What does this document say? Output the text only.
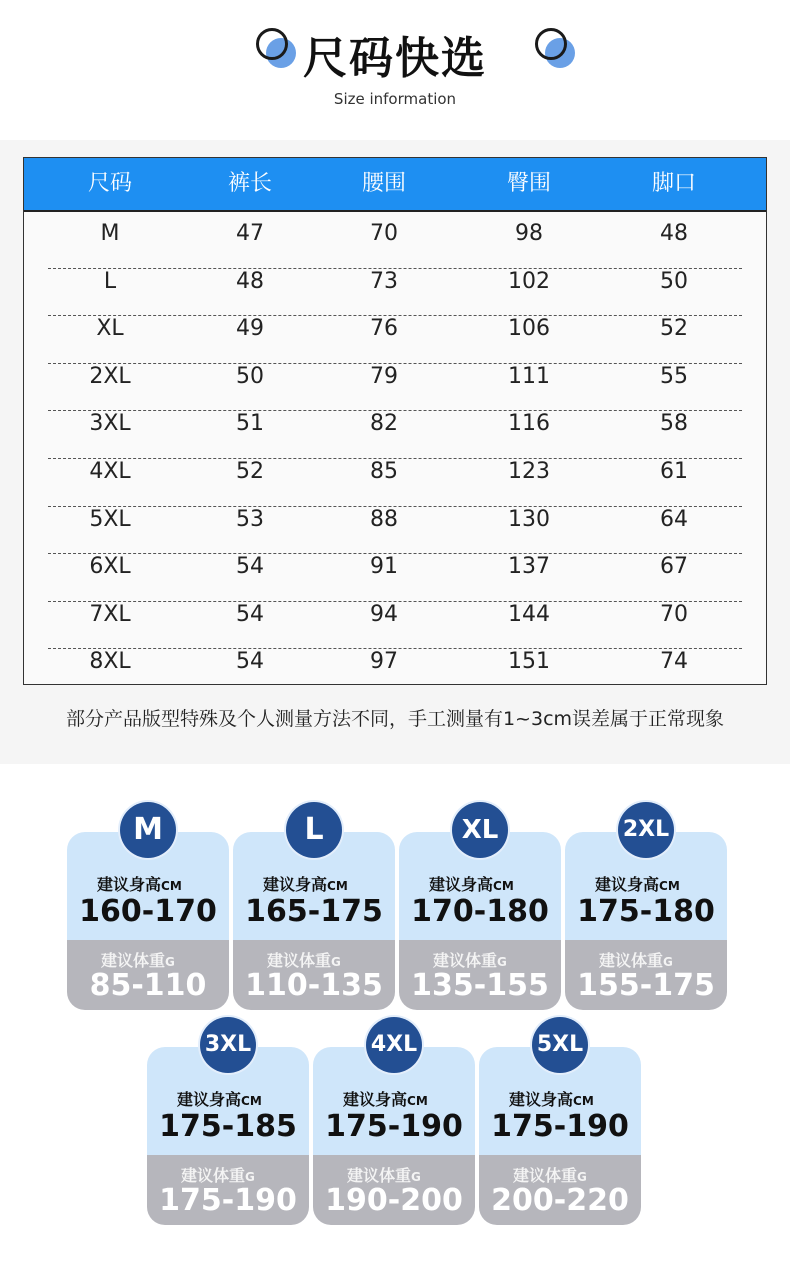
尺码快选
Size information
尺码	裤长	腰围	臀围	脚口
M	47	70	98	48
L	48	73	102	50
XL	49	76	106	52
2XL	50	79	111	55
3XL	51	82	116	58
4XL	52	85	123	61
5XL	53	88	130	64
6XL	54	91	137	67
7XL	54	94	144	70
8XL	54	97	151	74
部分产品版型特殊及个人测量方法不同，手工测量有1~3cm误差属于正常现象
建议身高CM
160-170
建议体重G
85-110
M
建议身高CM
165-175
建议体重G
110-135
L
建议身高CM
170-180
建议体重G
135-155
XL
建议身高CM
175-180
建议体重G
155-175
2XL
建议身高CM
175-185
建议体重G
175-190
3XL
建议身高CM
175-190
建议体重G
190-200
4XL
建议身高CM
175-190
建议体重G
200-220
5XL
